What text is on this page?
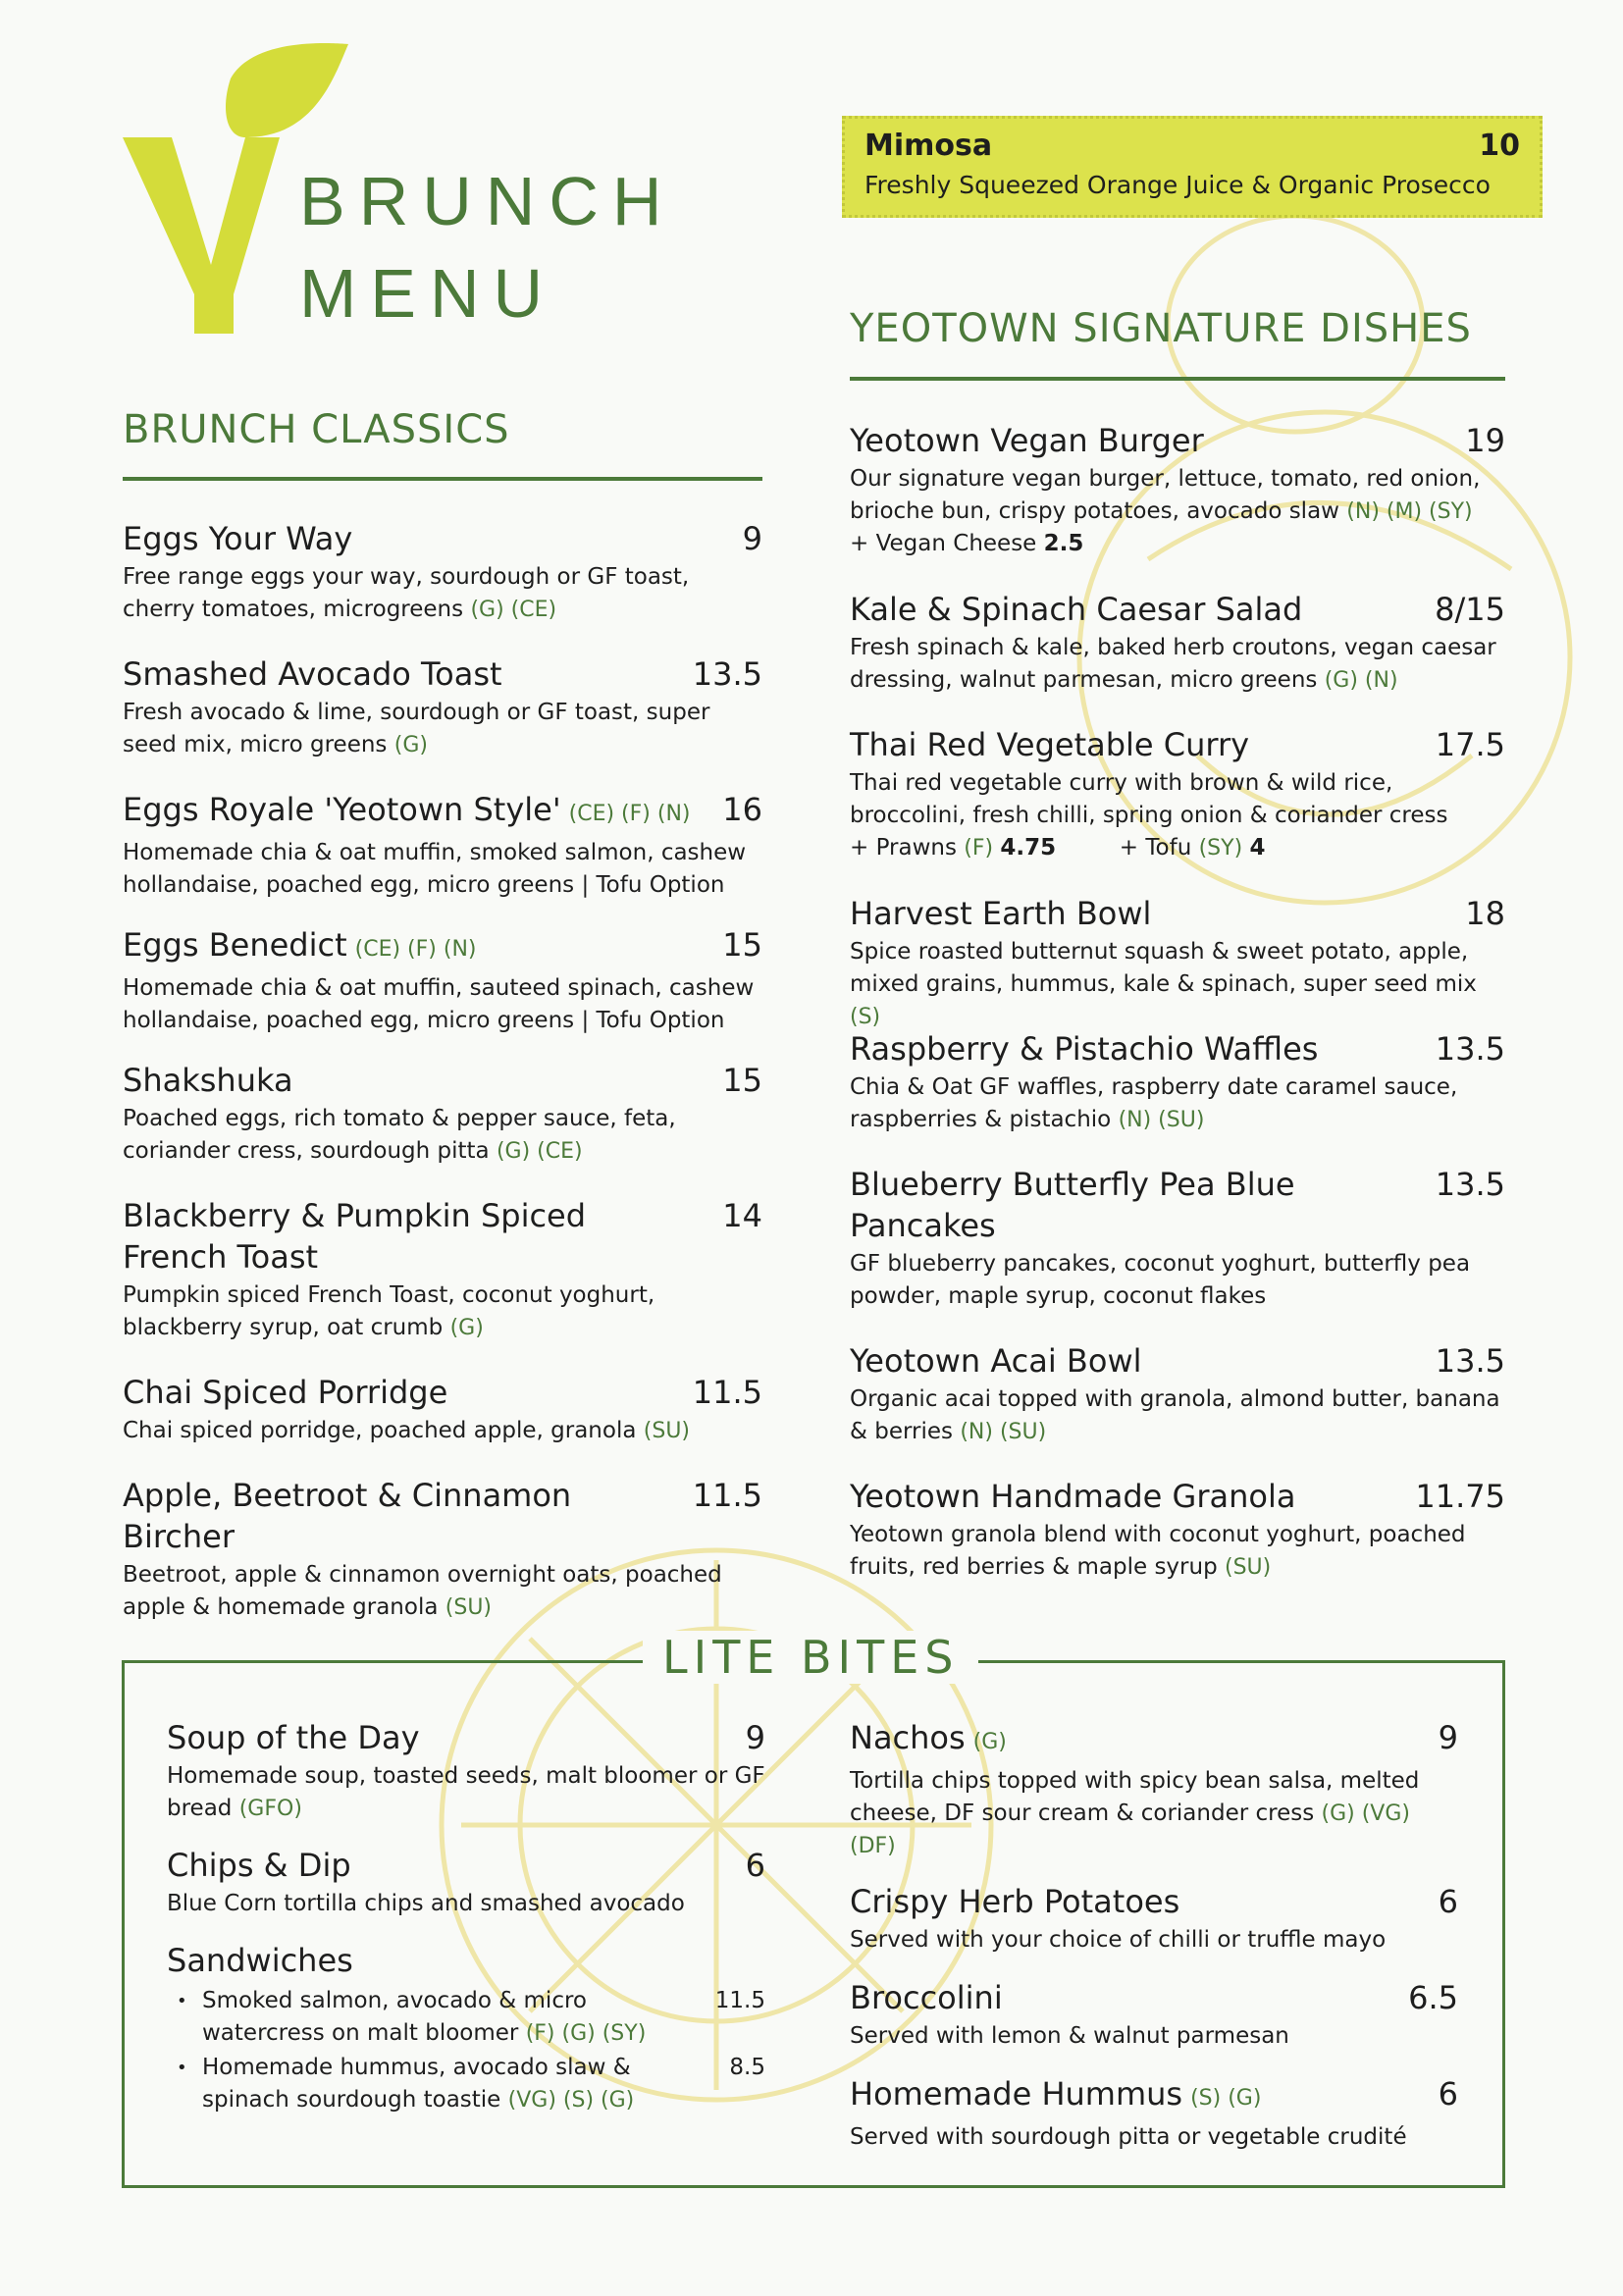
BRUNCH
MENU
Mimosa	10
Freshly Squeezed Orange Juice & Organic Prosecco
BRUNCH CLASSICS
YEOTOWN SIGNATURE DISHES
Eggs Your Way	9
Free range eggs your way, sourdough or GF toast, cherry tomatoes, microgreens (G) (CE)
Smashed Avocado Toast	13.5
Fresh avocado & lime, sourdough or GF toast, super seed mix, micro greens (G)
Eggs Royale 'Yeotown Style' (CE) (F) (N) 16
Homemade chia & oat muffin, smoked salmon, cashew hollandaise, poached egg, micro greens | Tofu Option
Eggs Benedict (CE) (F) (N)	15
Homemade chia & oat muffin, sauteed spinach, cashew hollandaise, poached egg, micro greens | Tofu Option
Shakshuka	15
Poached eggs, rich tomato & pepper sauce, feta, coriander cress, sourdough pitta (G) (CE)
Blackberry & Pumpkin Spiced French Toast
14
Pumpkin spiced French Toast, coconut yoghurt, blackberry syrup, oat crumb (G)
Chai Spiced Porridge	11.5
Chai spiced porridge, poached apple, granola (SU)
Apple, Beetroot & Cinnamon Bircher
11.5
Beetroot, apple & cinnamon overnight oats, poached apple & homemade granola (SU)
Yeotown Vegan Burger	19
Our signature vegan burger, lettuce, tomato, red onion, brioche bun, crispy potatoes, avocado slaw (N) (M) (SY)
+ Vegan Cheese 2.5
Kale & Spinach Caesar Salad	8/15
Fresh spinach & kale, baked herb croutons, vegan caesar dressing, walnut parmesan, micro greens (G) (N)
Thai Red Vegetable Curry	17.5
Thai red vegetable curry with brown & wild rice, broccolini, fresh chilli, spring onion & coriander cress
+ Prawns (F) 4.75	+ Tofu (SY) 4
Harvest Earth Bowl	18
Spice roasted butternut squash & sweet potato, apple, mixed grains, hummus, kale & spinach, super seed mix (S)
Raspberry & Pistachio Waffles	13.5
Chia & Oat GF waffles, raspberry date caramel sauce, raspberries & pistachio (N) (SU)
Blueberry Butterfly Pea Blue Pancakes
13.5
GF blueberry pancakes, coconut yoghurt, butterfly pea powder, maple syrup, coconut flakes
Yeotown Acai Bowl	13.5
Organic acai topped with granola, almond butter, banana & berries (N) (SU)
Yeotown Handmade Granola	11.75
Yeotown granola blend with coconut yoghurt, poached fruits, red berries & maple syrup (SU)
LITE BITES
Soup of the Day	9
Homemade soup, toasted seeds, malt bloomer or GF bread (GFO)
Chips & Dip	6
Blue Corn tortilla chips and smashed avocado
Sandwiches
• Smoked salmon, avocado & micro watercress on malt bloomer (F) (G) (SY)
11.5
• Homemade hummus, avocado slaw & spinach sourdough toastie (VG) (S) (G)
8.5
Nachos (G)	9
Tortilla chips topped with spicy bean salsa, melted cheese, DF sour cream & coriander cress (G) (VG) (DF)
Crispy Herb Potatoes	6
Served with your choice of chilli or truffle mayo
Broccolini	6.5
Served with lemon & walnut parmesan
Homemade Hummus (S) (G)	6
Served with sourdough pitta or vegetable crudité
